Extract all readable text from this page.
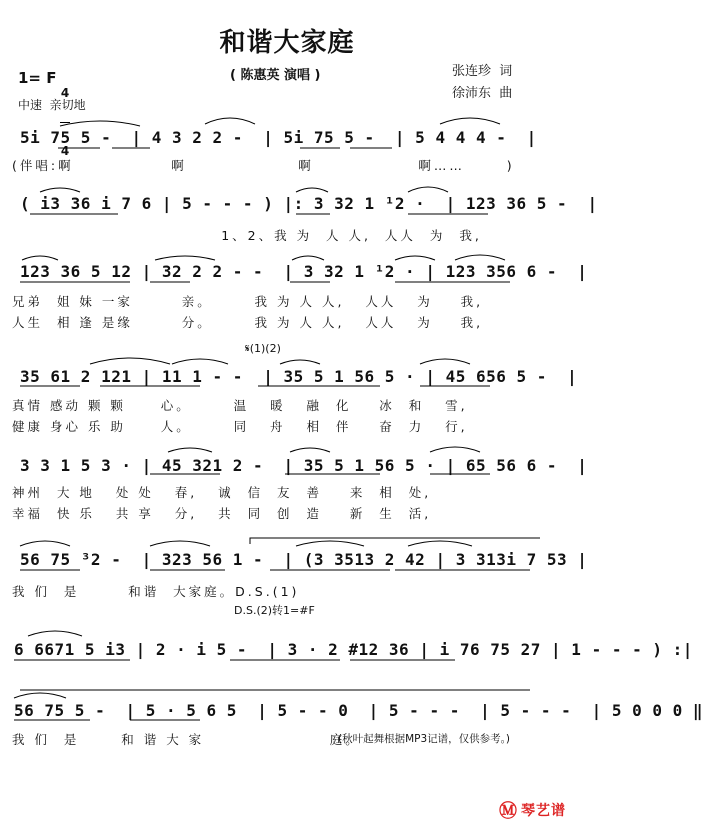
和谐大家庭
( 陈惠英 演唱 )	张连珍  词
徐沛东  曲
1= F

4

4

中速  亲切地
5i 75 5 -  | 4 3 2 2 -  | 5i 75 5 -  | 5 4 4 4 -  |
(伴唱:啊              啊                啊               啊……      )
( i3 36 i 7 6 | 5 - - - ) |: 3 32 1 ¹2 ·  | 123 36 5 -  |
1、2、我 为  人 人,  人人  为  我,
123 36 5 12 | 32 2 2 - -  | 3 32 1 ¹2 · | 123 356 6 -  |
兄弟  姐 妹 一家       亲。      我 为 人 人,   人人   为    我,
人生  相 逢 是缘       分。      我 为 人 人,   人人   为    我,
𝄋(1)(2)
35 61 2 121 | 11 1 - -  | 35 5 1 56 5 · | 45 656 5 -  |
真情 感动 颗 颗     心。      温   暖   融  化    冰  和   雪,
健康 身心 乐 助     人。      同   舟   相  伴    奋  力   行,
3 3 1 5 3 · | 45 321 2 -  | 35 5 1 56 5 · | 65 56 6 -  |
神州  大 地   处 处   春,   诚  信  友  善    来  相  处,
幸福  快 乐   共 享   分,   共  同  创  造    新  生  活,
56 75 ³2 -  | 323 56 1 -  | (3 3513 2 42 | 3 313i 7 53 |
我 们  是       和谐  大家庭。D.S.(1)
D.S.(2)转1=#F
6 6671 5 i3 | 2 · i 5 -  | 3 · 2 #12 36 | i 76 75 27 | 1 - - - ) :|
56 75 5 -  | 5 · 5 6 5  | 5 - - 0  | 5 - - -  | 5 - - -  | 5 0 0 0 ‖
我 们  是      和 谐 大 家                  庭。
(秋叶起舞根据MP3记谱，仅供参考。)
Ⓜ 琴艺谱
